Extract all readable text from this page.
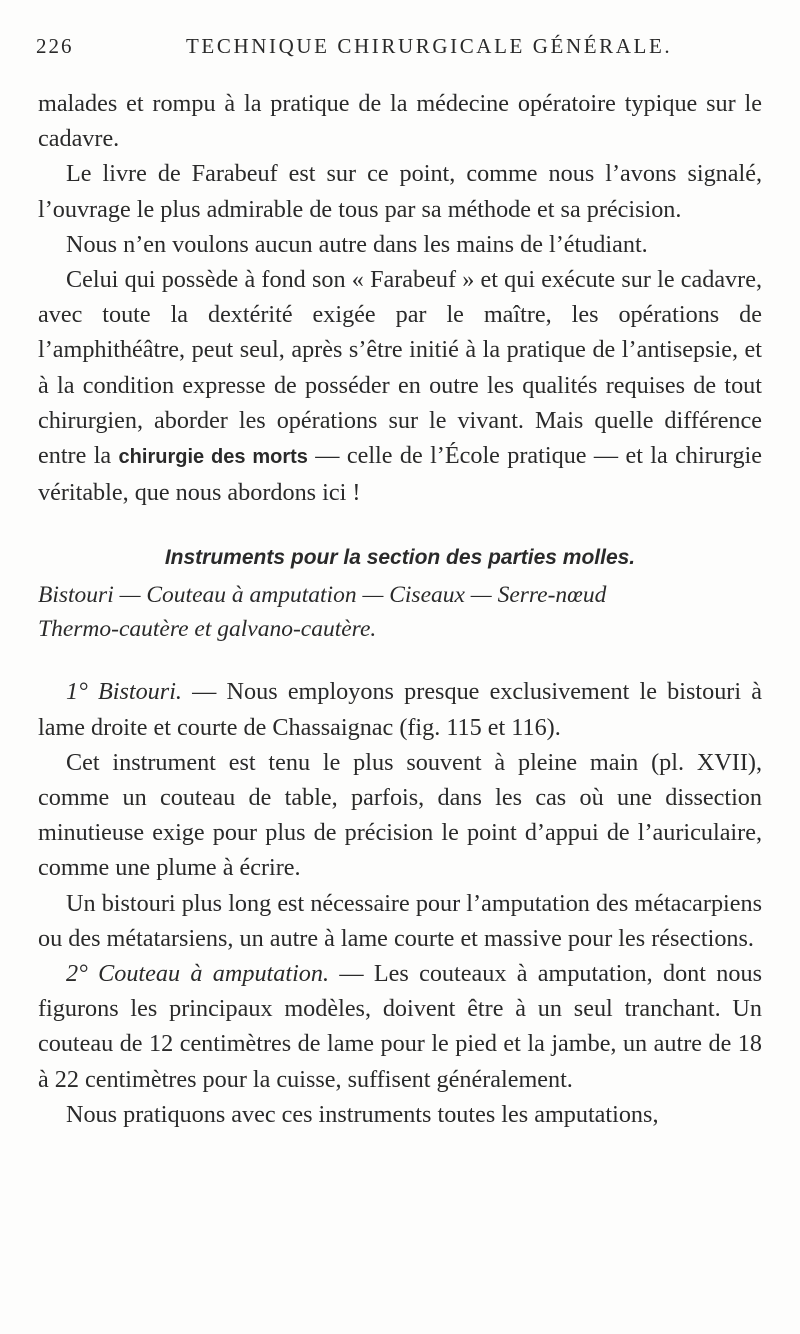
226	TECHNIQUE CHIRURGICALE GÉNÉRALE.

malades et rompu à la pratique de la médecine opératoire typique sur le cadavre.

Le livre de Farabeuf est sur ce point, comme nous l’avons signalé, l’ouvrage le plus admirable de tous par sa méthode et sa précision.

Nous n’en voulons aucun autre dans les mains de l’étudiant.

Celui qui possède à fond son « Farabeuf » et qui exécute sur le cadavre, avec toute la dextérité exigée par le maître, les opérations de l’amphithéâtre, peut seul, après s’être initié à la pratique de l’antisepsie, et à la condition expresse de posséder en outre les qualités requises de tout chirurgien, aborder les opérations sur le vivant. Mais quelle différence entre la chirurgie des morts — celle de l’École pratique — et la chirurgie véritable, que nous abordons ici !

Instruments pour la section des parties molles.

Bistouri — Couteau à amputation — Ciseaux — Serre-nœud

Thermo-cautère et galvano-cautère.

1° Bistouri. — Nous employons presque exclusivement le bistouri à lame droite et courte de Chassaignac (fig. 115 et 116).

Cet instrument est tenu le plus souvent à pleine main (pl. XVII), comme un couteau de table, parfois, dans les cas où une dissection minutieuse exige pour plus de précision le point d’appui de l’auriculaire, comme une plume à écrire.

Un bistouri plus long est nécessaire pour l’amputation des métacarpiens ou des métatarsiens, un autre à lame courte et massive pour les résections.

2° Couteau à amputation. — Les couteaux à amputation, dont nous figurons les principaux modèles, doivent être à un seul tranchant. Un couteau de 12 centimètres de lame pour le pied et la jambe, un autre de 18 à 22 centimètres pour la cuisse, suffisent généralement.

Nous pratiquons avec ces instruments toutes les amputations,
